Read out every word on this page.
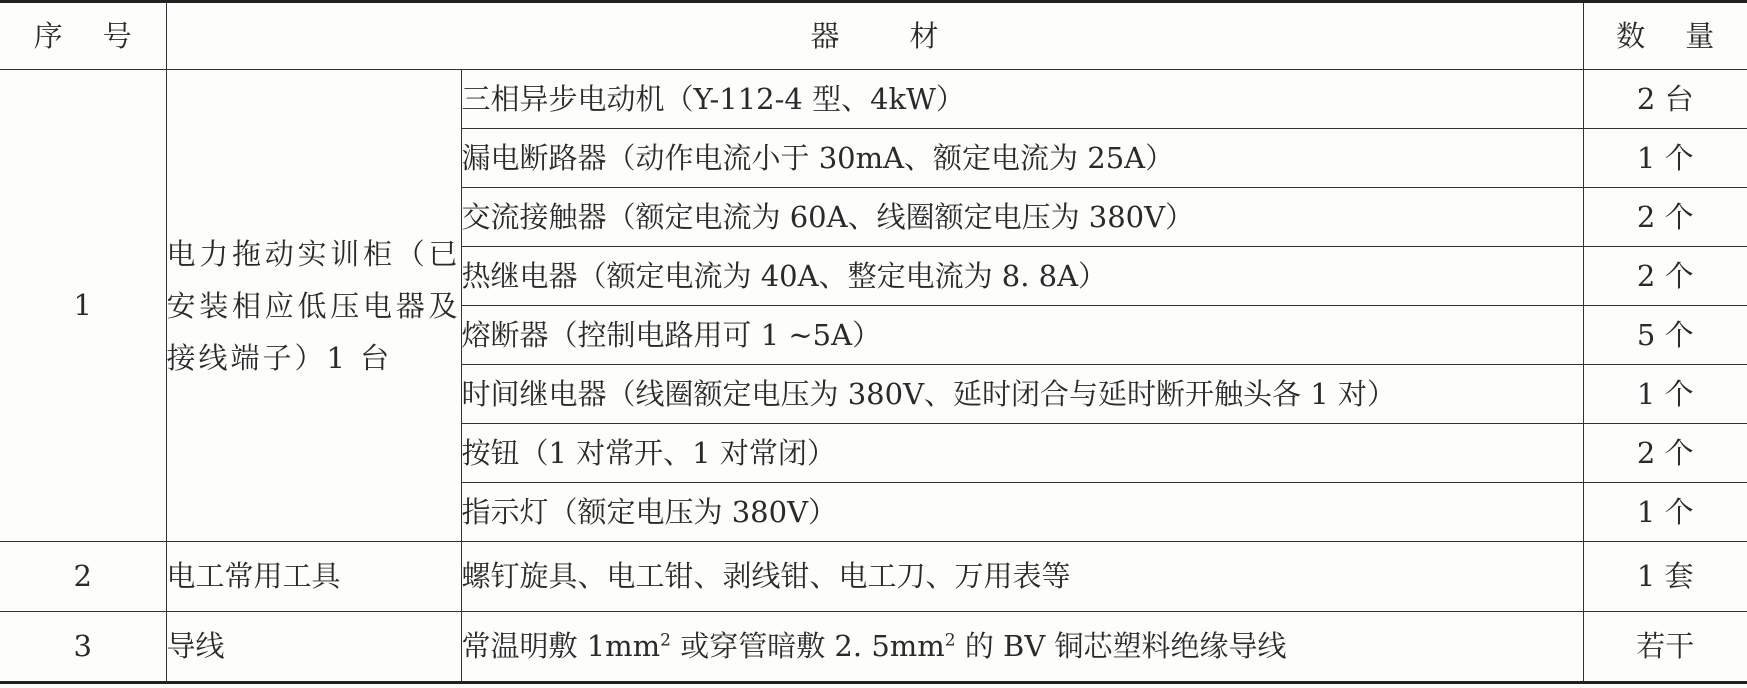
序 号	器 材		数 量
1	电力拖动实训柜（已安装相应低压电器及接线端子）1 台	三相异步电动机（Y-112-4 型、4kW）	2 台
		漏电断路器（动作电流小于 30mA、额定电流为 25A）	1 个
		交流接触器（额定电流为 60A、线圈额定电压为 380V）	2 个
		热继电器（额定电流为 40A、整定电流为 8. 8A）	2 个
		熔断器（控制电路用可 1 ~5A）	5 个
		时间继电器（线圈额定电压为 380V、延时闭合与延时断开触头各 1 对）	1 个
		按钮（1 对常开、1 对常闭）	2 个
		指示灯（额定电压为 380V）	1 个
2	电工常用工具	螺钉旋具、电工钳、剥线钳、电工刀、万用表等	1 套
3	导线	常温明敷 $1mm^2$ 或穿管暗敷 2. $5mm^2$ 的 BV 铜芯塑料绝缘导线	若干
